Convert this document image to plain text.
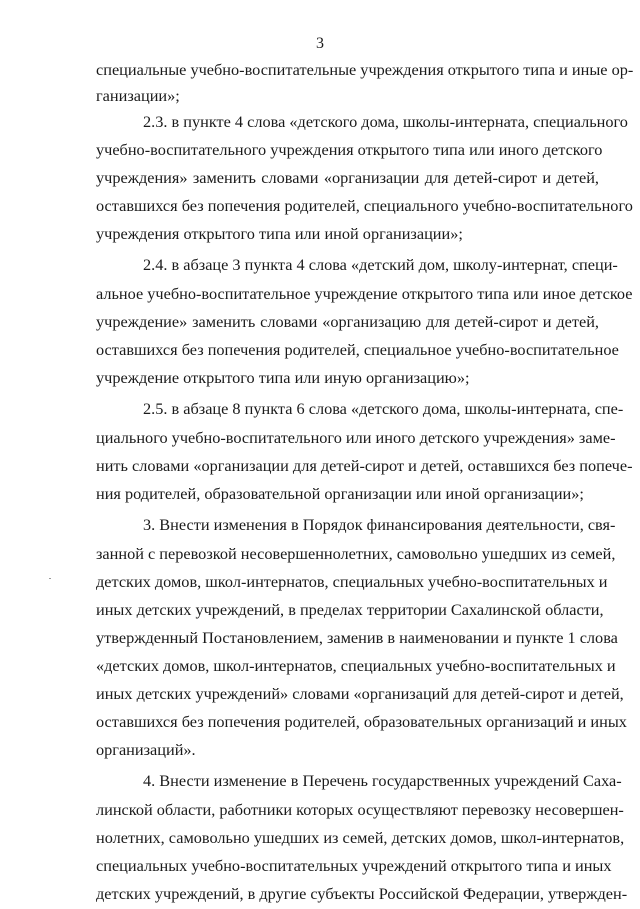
3
специальные учебно-воспитательные учреждения открытого типа и иные ор-
ганизации»;
2.3. в пункте 4 слова «детского дома, школы-интерната, специального
учебно-воспитательного учреждения открытого типа или иного детского
учреждения» заменить словами «организации для детей-сирот и детей,
оставшихся без попечения родителей, специального учебно-воспитательного
учреждения открытого типа или иной организации»;
2.4. в абзаце 3 пункта 4 слова «детский дом, школу-интернат, специ-
альное учебно-воспитательное учреждение открытого типа или иное детское
учреждение» заменить словами «организацию для детей-сирот и детей,
оставшихся без попечения родителей, специальное учебно-воспитательное
учреждение открытого типа или иную организацию»;
2.5. в абзаце 8 пункта 6 слова «детского дома, школы-интерната, спе-
циального учебно-воспитательного или иного детского учреждения» заме-
нить словами «организации для детей-сирот и детей, оставшихся без попече-
ния родителей, образовательной организации или иной организации»;
3. Внести изменения в Порядок финансирования деятельности, свя-
занной с перевозкой несовершеннолетних, самовольно ушедших из семей,
детских домов, школ-интернатов, специальных учебно-воспитательных и
иных детских учреждений, в пределах территории Сахалинской области,
утвержденный Постановлением, заменив в наименовании и пункте 1 слова
«детских домов, школ-интернатов, специальных учебно-воспитательных и
иных детских учреждений» словами «организаций для детей-сирот и детей,
оставшихся без попечения родителей, образовательных организаций и иных
организаций».
4. Внести изменение в Перечень государственных учреждений Саха-
линской области, работники которых осуществляют перевозку несовершен-
нолетних, самовольно ушедших из семей, детских домов, школ-интернатов,
специальных учебно-воспитательных учреждений открытого типа и иных
детских учреждений, в другие субъекты Российской Федерации, утвержден-
